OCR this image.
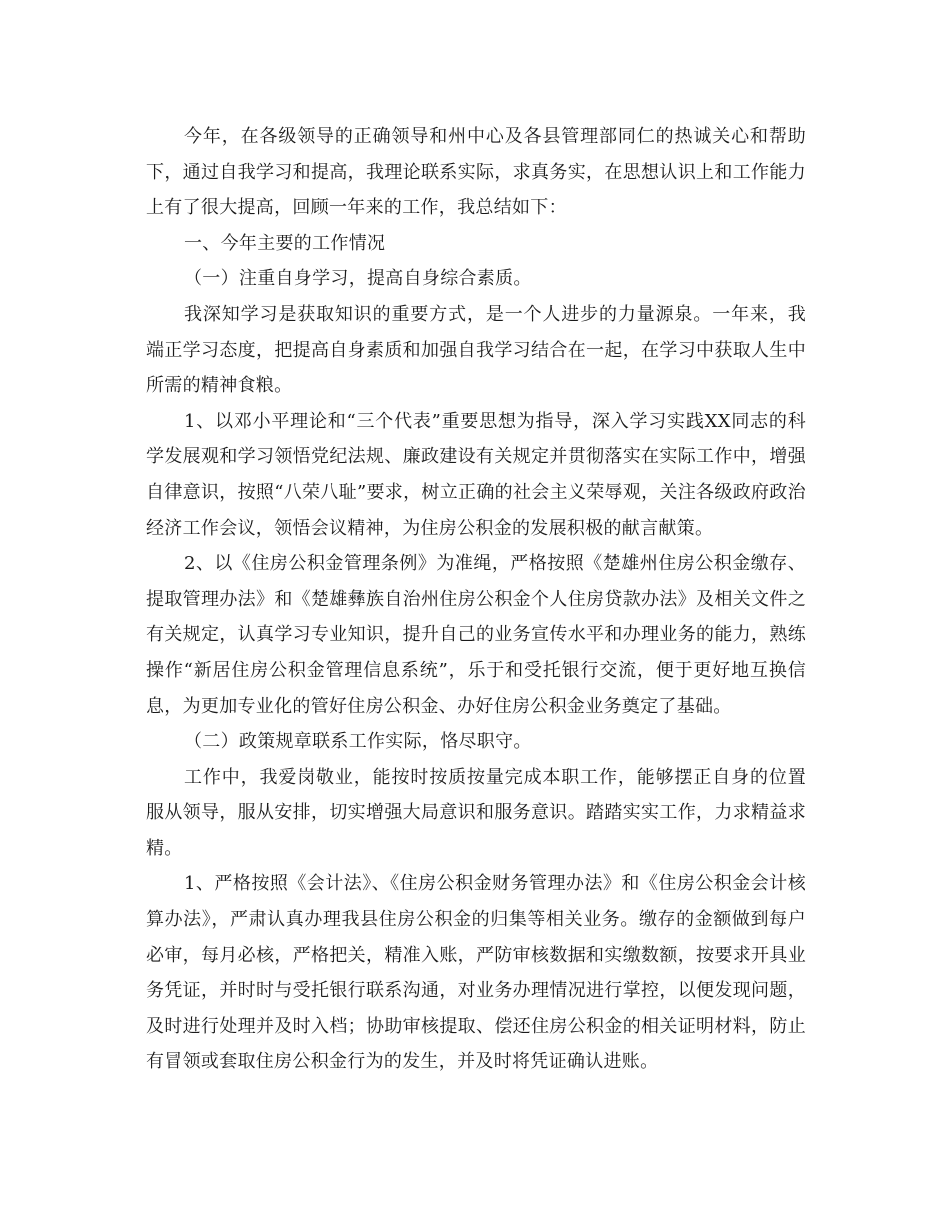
今年，在各级领导的正确领导和州中心及各县管理部同仁的热诚关心和帮助下，通过自我学习和提高，我理论联系实际，求真务实，在思想认识上和工作能力上有了很大提高，回顾一年来的工作，我总结如下：

一、今年主要的工作情况

（一）注重自身学习，提高自身综合素质。

我深知学习是获取知识的重要方式，是一个人进步的力量源泉。一年来，我端正学习态度，把提高自身素质和加强自我学习结合在一起，在学习中获取人生中所需的精神食粮。

1、以邓小平理论和“三个代表”重要思想为指导，深入学习实践XX同志的科学发展观和学习领悟党纪法规、廉政建设有关规定并贯彻落实在实际工作中，增强自律意识，按照“八荣八耻”要求，树立正确的社会主义荣辱观，关注各级政府政治经济工作会议，领悟会议精神，为住房公积金的发展积极的献言献策。

2、以《住房公积金管理条例》为准绳，严格按照《楚雄州住房公积金缴存、提取管理办法》和《楚雄彝族自治州住房公积金个人住房贷款办法》及相关文件之有关规定，认真学习专业知识，提升自己的业务宣传水平和办理业务的能力，熟练操作“新居住房公积金管理信息系统”，乐于和受托银行交流，便于更好地互换信息，为更加专业化的管好住房公积金、办好住房公积金业务奠定了基础。

（二）政策规章联系工作实际，恪尽职守。

工作中，我爱岗敬业，能按时按质按量完成本职工作，能够摆正自身的位置服从领导，服从安排，切实增强大局意识和服务意识。踏踏实实工作，力求精益求精。

1、严格按照《会计法》、《住房公积金财务管理办法》和《住房公积金会计核算办法》，严肃认真办理我县住房公积金的归集等相关业务。缴存的金额做到每户必审，每月必核，严格把关，精准入账，严防审核数据和实缴数额，按要求开具业务凭证，并时时与受托银行联系沟通，对业务办理情况进行掌控，以便发现问题，及时进行处理并及时入档；协助审核提取、偿还住房公积金的相关证明材料，防止有冒领或套取住房公积金行为的发生，并及时将凭证确认进账。
